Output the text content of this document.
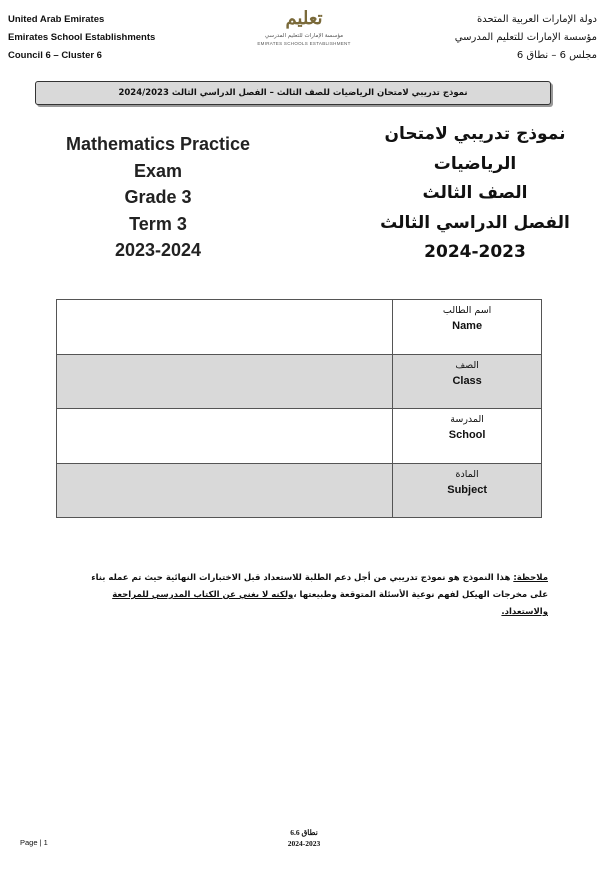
United Arab Emirates
Emirates School Establishments
Council 6 – Cluster 6
تعليم
مؤسسة الإمارات للتعليم المدرسي
EMIRATES SCHOOLS ESTABLISHMENT
دولة الإمارات العربية المتحدة
مؤسسة الإمارات للتعليم المدرسي
مجلس 6 – نطاق 6
نموذج تدريبي لامتحان الرياضيات للصف الثالث – الفصل الدراسي الثالث 2024/2023
Mathematics Practice
Exam
Grade 3
Term 3
2023-2024
نموذج تدريبي لامتحان
الرياضيات
الصف الثالث
الفصل الدراسي الثالث
2024-2023

	اسم الطالب
Name

	الصف
Class

	المدرسة
School

	المادة
Subject
ملاحظة: هذا النموذج هو نموذج تدريبي من أجل دعم الطلبة للاستعداد قبل الاختبارات النهائية حيث تم عمله بناء على مخرجات الهيكل لفهم نوعية الأسئلة المتوقعة وطبيعتها ،ولكنه لا يغني عن الكتاب المدرسي للمراجعة والاستعداد.
Page | 1
نطاق 6.6
2024-2023
